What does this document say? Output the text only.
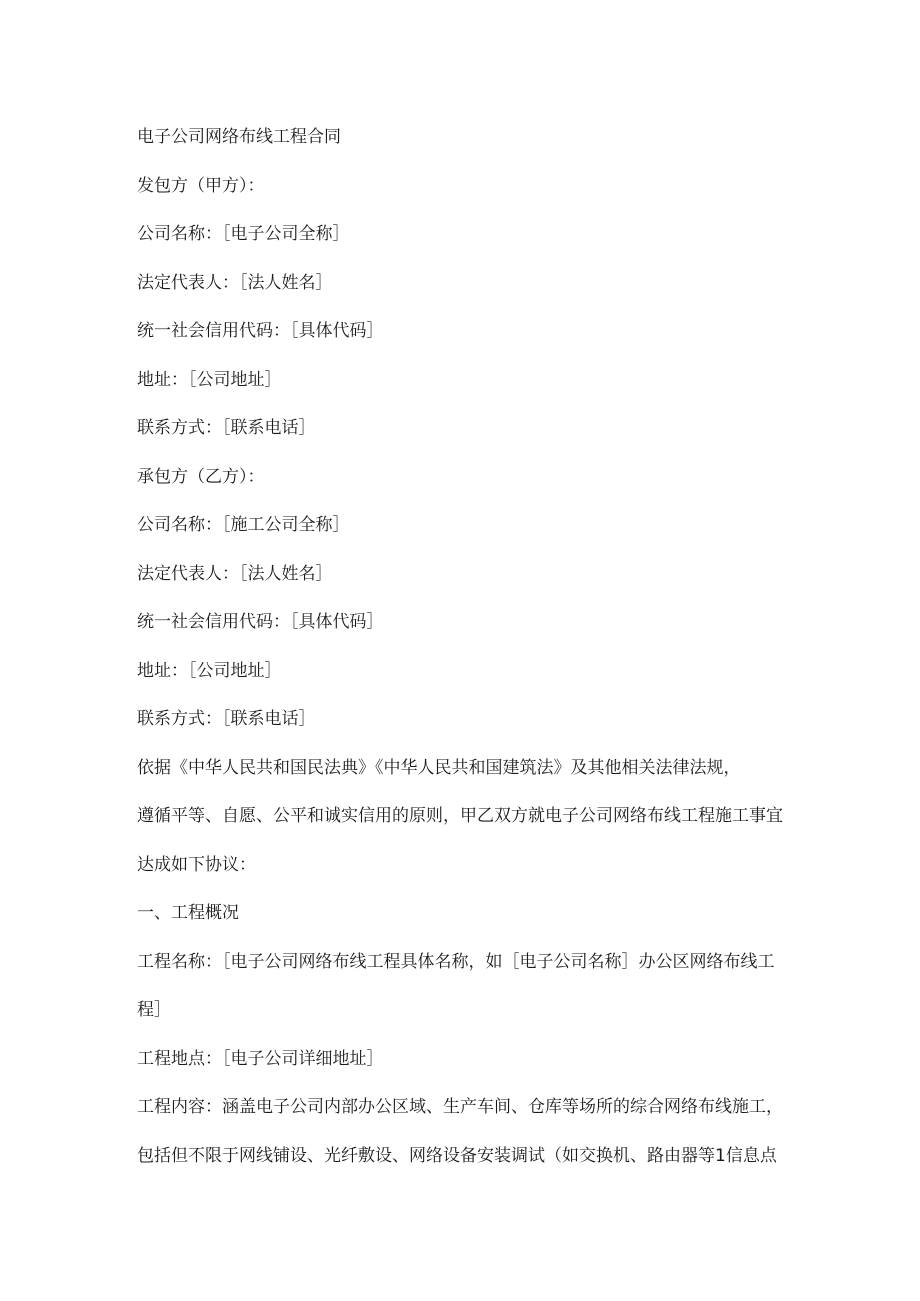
电子公司网络布线工程合同
发包方（甲方）：
公司名称：［电子公司全称］
法定代表人：［法人姓名］
统一社会信用代码：［具体代码］
地址：［公司地址］
联系方式：［联系电话］
承包方（乙方）：
公司名称：［施工公司全称］
法定代表人：［法人姓名］
统一社会信用代码：［具体代码］
地址：［公司地址］
联系方式：［联系电话］
依据《中华人民共和国民法典》《中华人民共和国建筑法》及其他相关法律法规，
遵循平等、自愿、公平和诚实信用的原则，甲乙双方就电子公司网络布线工程施工事宜
达成如下协议：
一、工程概况
工程名称：［电子公司网络布线工程具体名称，如［电子公司名称］办公区网络布线工
程］
工程地点：［电子公司详细地址］
工程内容：涵盖电子公司内部办公区域、生产车间、仓库等场所的综合网络布线施工，
包括但不限于网线铺设、光纤敷设、网络设备安装调试（如交换机、路由器等1信息点
